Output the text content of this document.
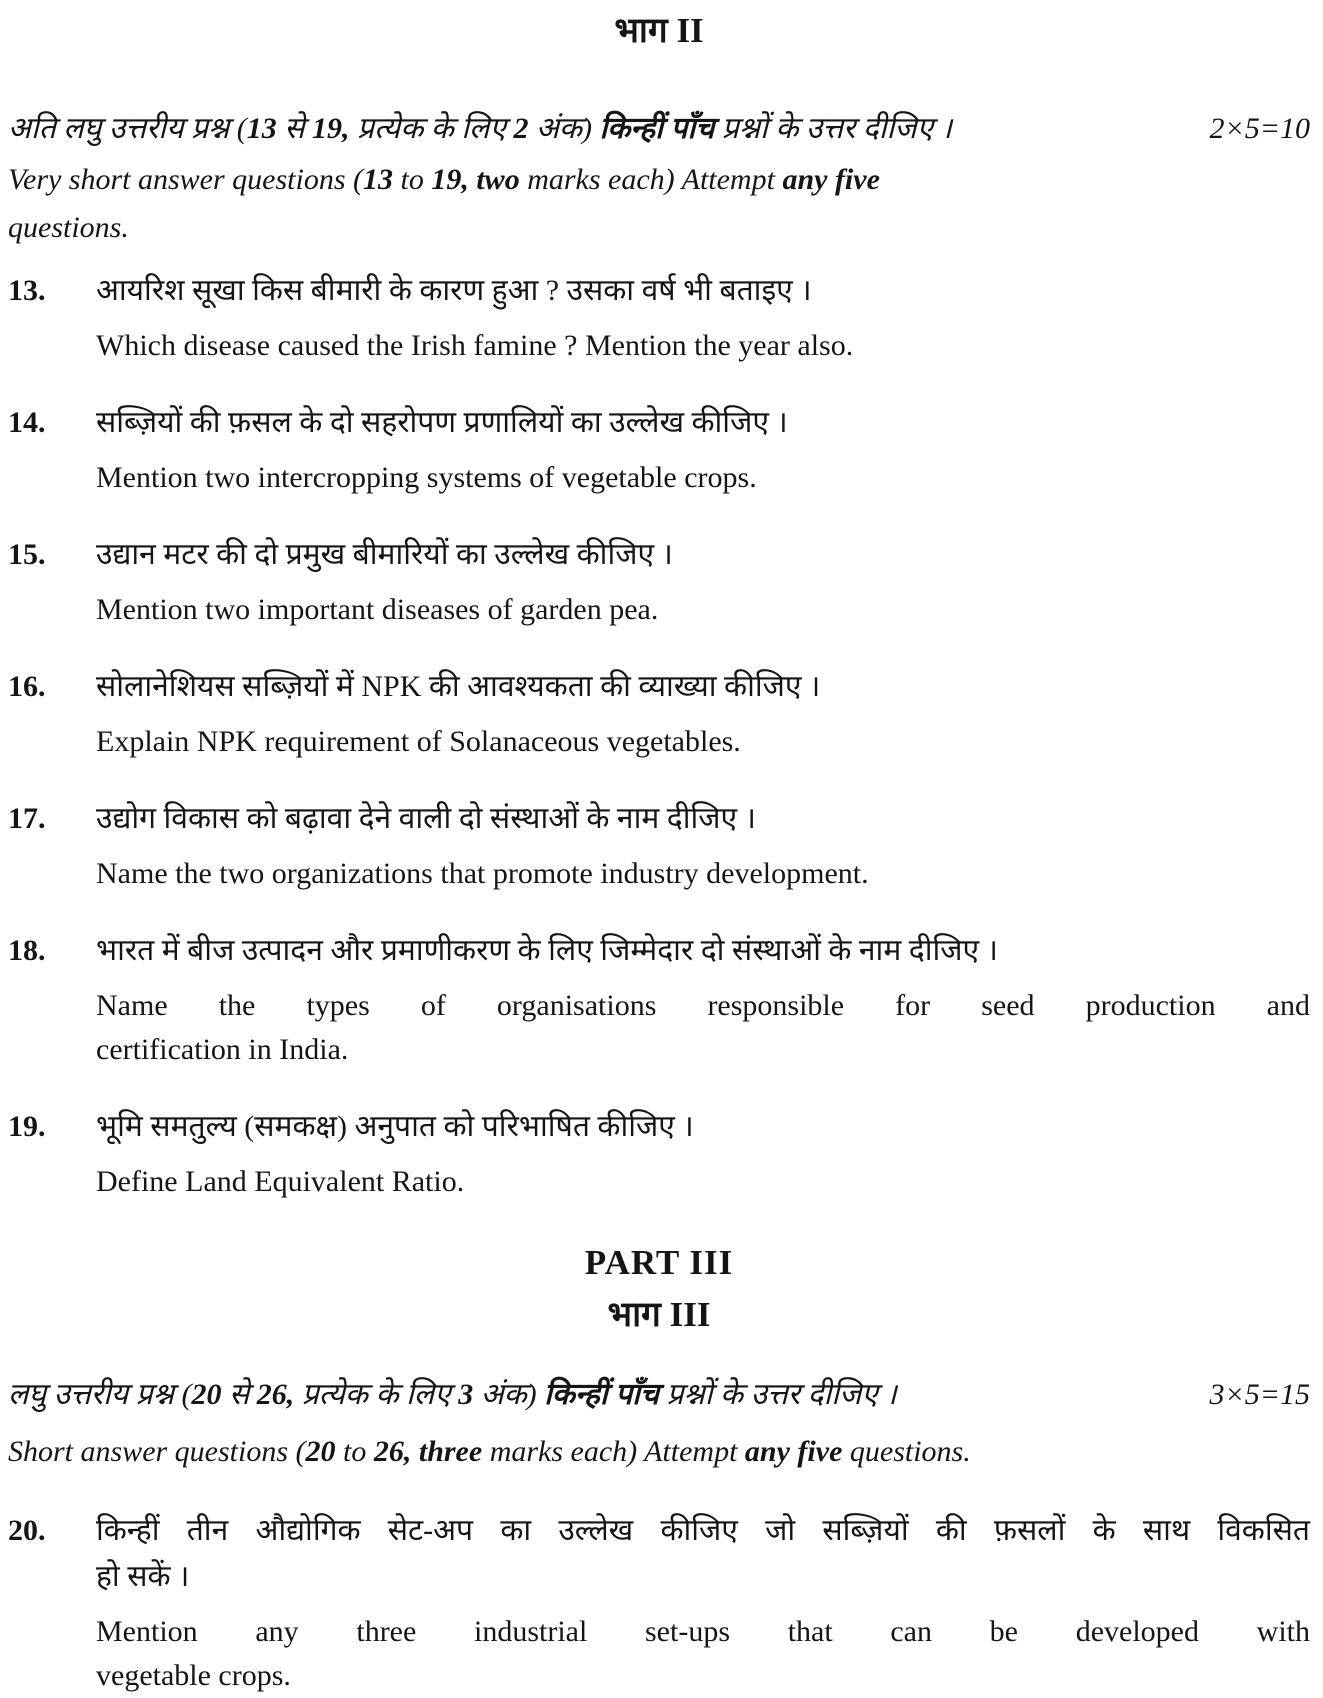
भाग II
अति लघु उत्तरीय प्रश्न (13 से 19, प्रत्येक के लिए 2 अंक) किन्हीं पाँच प्रश्नों के उत्तर दीजिए ।	2×5=10
Very short answer questions (13 to 19, two marks each) Attempt any five
questions.
13.	आयरिश सूखा किस बीमारी के कारण हुआ ? उसका वर्ष भी बताइए ।
Which disease caused the Irish famine ? Mention the year also.
14.	सब्ज़ियों की फ़सल के दो सहरोपण प्रणालियों का उल्लेख कीजिए ।
Mention two intercropping systems of vegetable crops.
15.	उद्यान मटर की दो प्रमुख बीमारियों का उल्लेख कीजिए ।
Mention two important diseases of garden pea.
16.	सोलानेशियस सब्ज़ियों में NPK की आवश्यकता की व्याख्या कीजिए ।
Explain NPK requirement of Solanaceous vegetables.
17.	उद्योग विकास को बढ़ावा देने वाली दो संस्थाओं के नाम दीजिए ।
Name the two organizations that promote industry development.
18.	भारत में बीज उत्पादन और प्रमाणीकरण के लिए जिम्मेदार दो संस्थाओं के नाम दीजिए ।
Name the types of organisations responsible for seed production and
certification in India.
19.	भूमि समतुल्य (समकक्ष) अनुपात को परिभाषित कीजिए ।
Define Land Equivalent Ratio.
PART III
भाग III
लघु उत्तरीय प्रश्न (20 से 26, प्रत्येक के लिए 3 अंक) किन्हीं पाँच प्रश्नों के उत्तर दीजिए ।	3×5=15
Short answer questions (20 to 26, three marks each) Attempt any five questions.
20.	किन्हीं तीन औद्योगिक सेट-अप का उल्लेख कीजिए जो सब्ज़ियों की फ़सलों के साथ विकसित
हो सकें ।
Mention any three industrial set-ups that can be developed with
vegetable crops.
